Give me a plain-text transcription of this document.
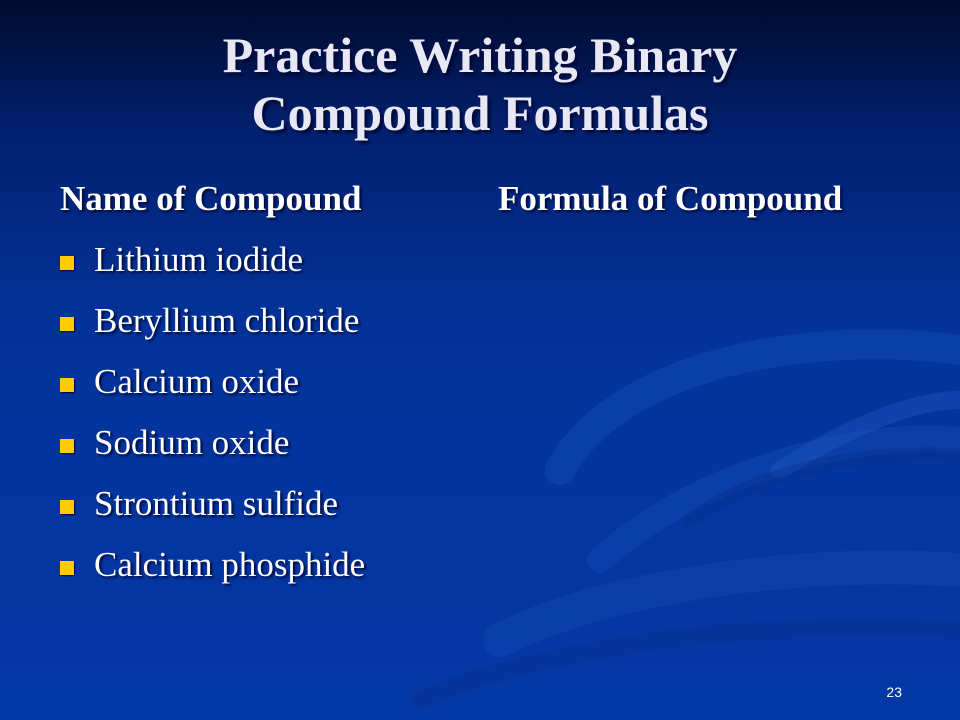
Practice Writing Binary
Compound Formulas
Name of Compound	Formula of Compound
Lithium iodide
Beryllium chloride
Calcium oxide
Sodium oxide
Strontium sulfide
Calcium phosphide
23
